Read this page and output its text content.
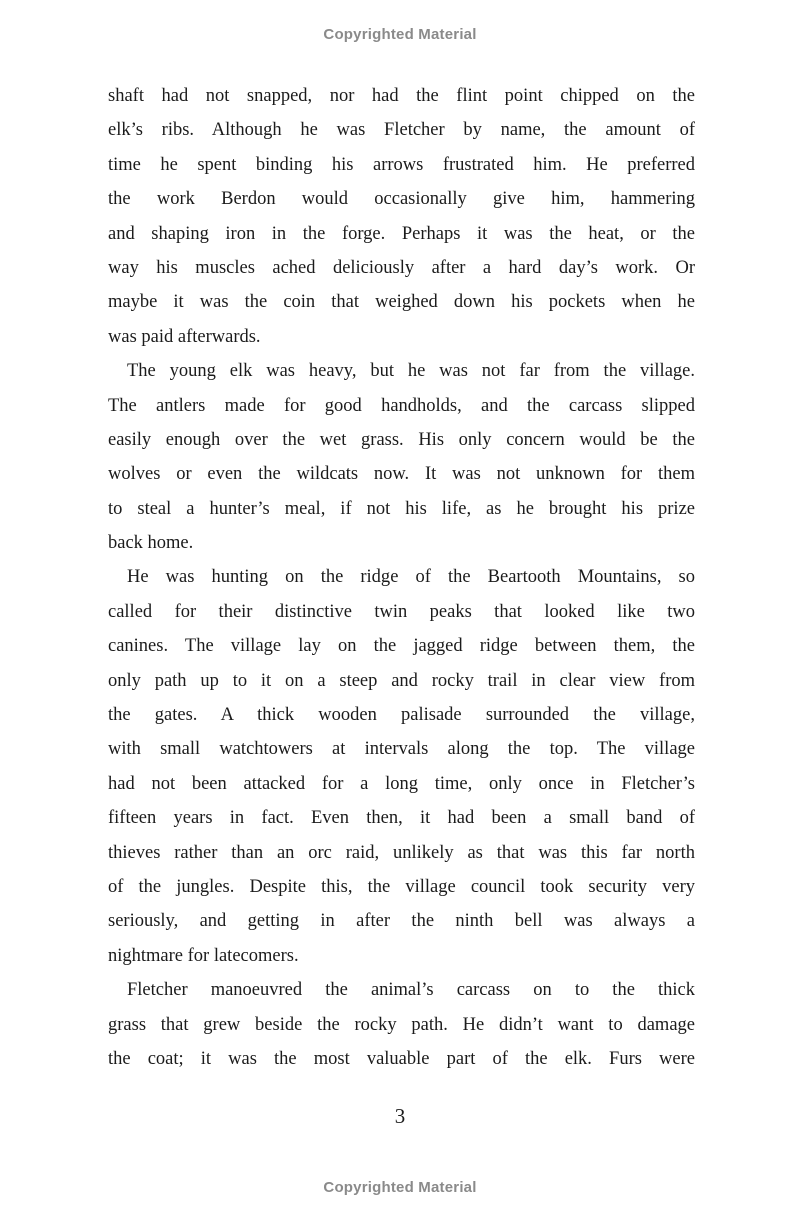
Copyrighted Material
shaft had not snapped, nor had the flint point chipped on the
elk’s ribs. Although he was Fletcher by name, the amount of
time he spent binding his arrows frustrated him. He preferred
the work Berdon would occasionally give him, hammering
and shaping iron in the forge. Perhaps it was the heat, or the
way his muscles ached deliciously after a hard day’s work. Or
maybe it was the coin that weighed down his pockets when he
was paid afterwards.
The young elk was heavy, but he was not far from the village.
The antlers made for good handholds, and the carcass slipped
easily enough over the wet grass. His only concern would be the
wolves or even the wildcats now. It was not unknown for them
to steal a hunter’s meal, if not his life, as he brought his prize
back home.
He was hunting on the ridge of the Beartooth Mountains, so
called for their distinctive twin peaks that looked like two
canines. The village lay on the jagged ridge between them, the
only path up to it on a steep and rocky trail in clear view from
the gates. A thick wooden palisade surrounded the village,
with small watchtowers at intervals along the top. The village
had not been attacked for a long time, only once in Fletcher’s
fifteen years in fact. Even then, it had been a small band of
thieves rather than an orc raid, unlikely as that was this far north
of the jungles. Despite this, the village council took security very
seriously, and getting in after the ninth bell was always a
nightmare for latecomers.
Fletcher manoeuvred the animal’s carcass on to the thick
grass that grew beside the rocky path. He didn’t want to damage
the coat; it was the most valuable part of the elk. Furs were
3
Copyrighted Material
